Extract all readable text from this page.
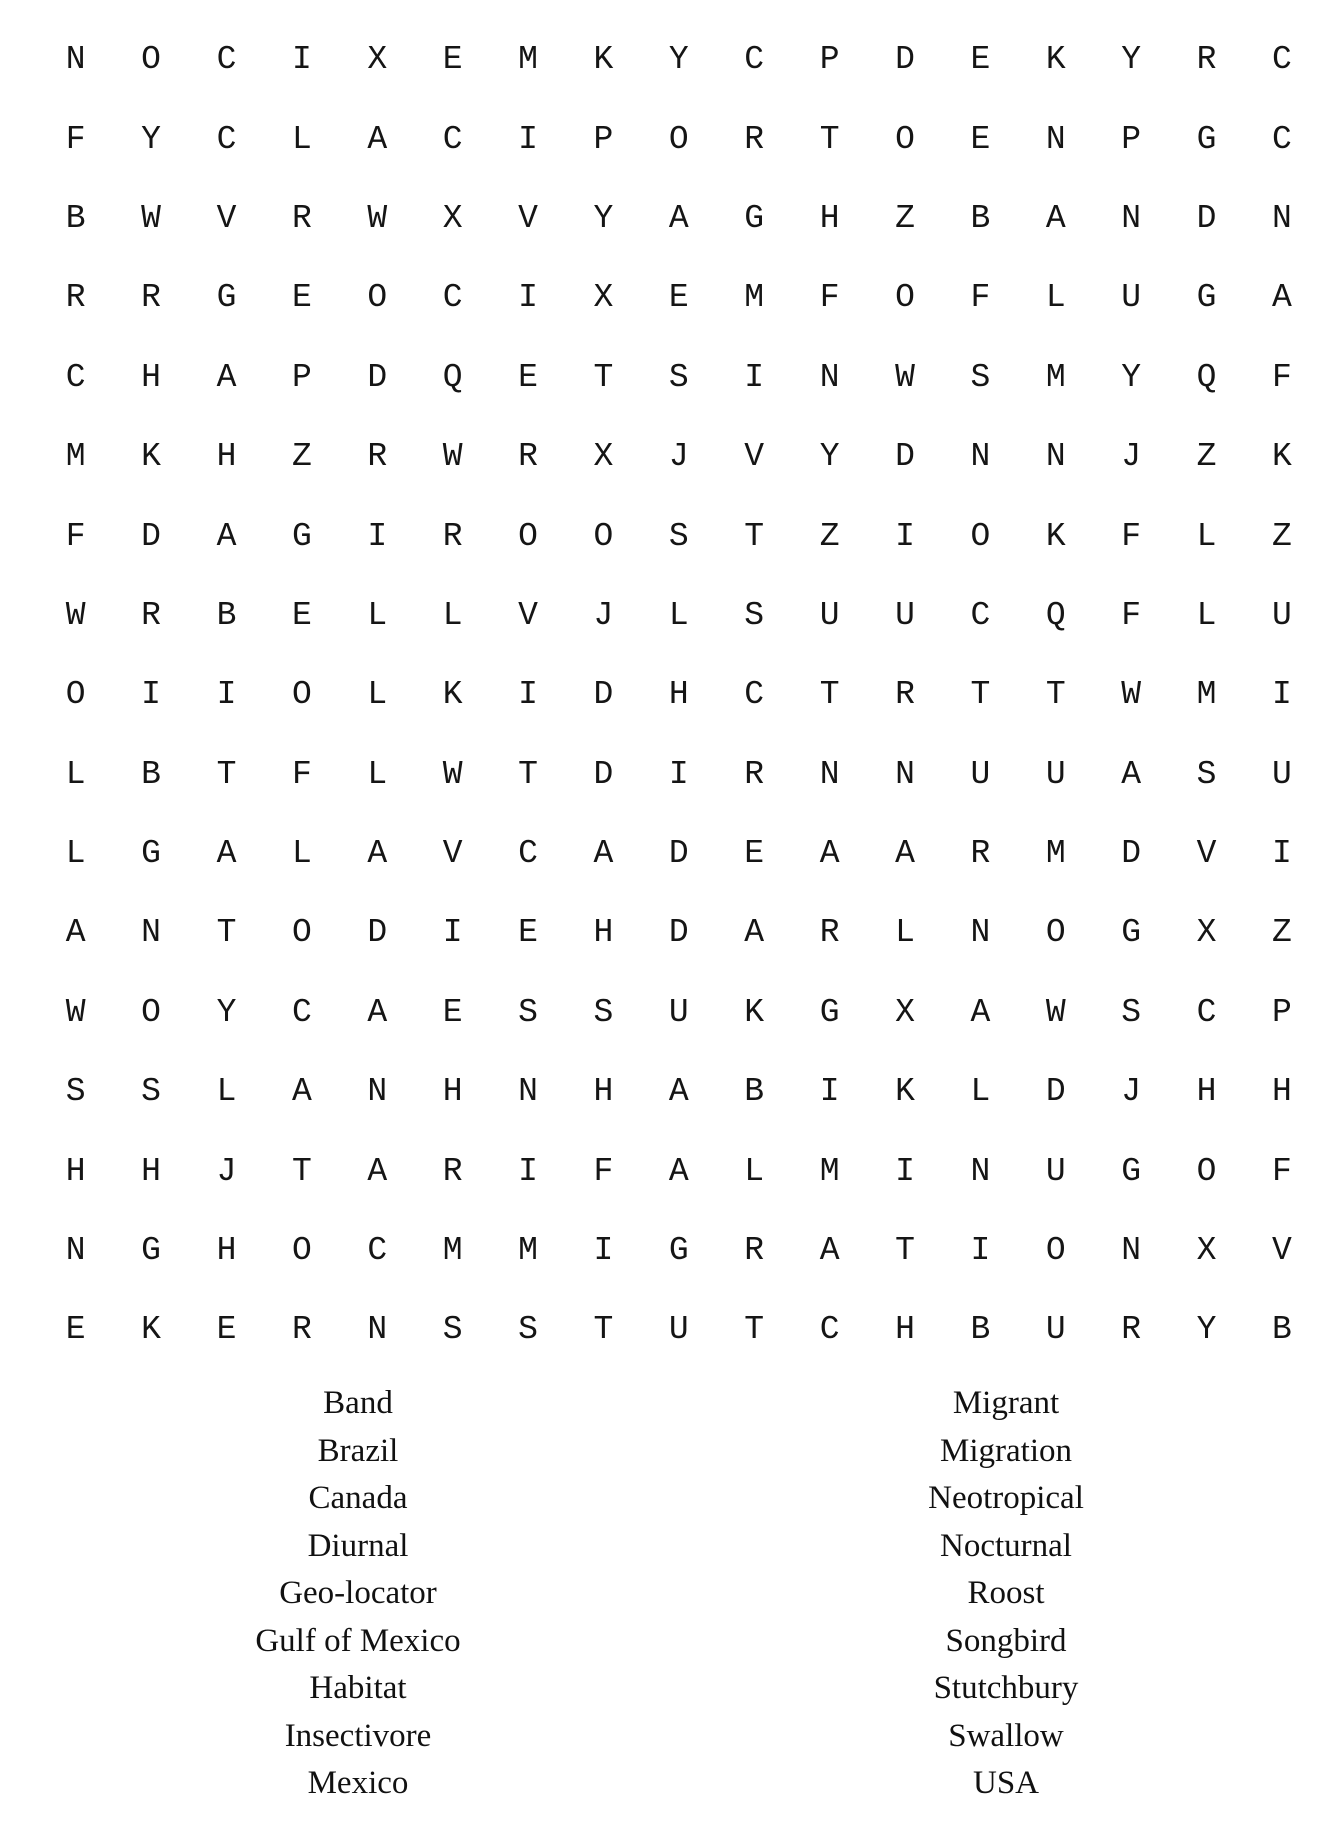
N	O	C	I	X	E	M	K	Y	C	P	D	E	K	Y	R	C
F	Y	C	L	A	C	I	P	O	R	T	O	E	N	P	G	C
B	W	V	R	W	X	V	Y	A	G	H	Z	B	A	N	D	N
R	R	G	E	O	C	I	X	E	M	F	O	F	L	U	G	A
C	H	A	P	D	Q	E	T	S	I	N	W	S	M	Y	Q	F
M	K	H	Z	R	W	R	X	J	V	Y	D	N	N	J	Z	K
F	D	A	G	I	R	O	O	S	T	Z	I	O	K	F	L	Z
W	R	B	E	L	L	V	J	L	S	U	U	C	Q	F	L	U
O	I	I	O	L	K	I	D	H	C	T	R	T	T	W	M	I
L	B	T	F	L	W	T	D	I	R	N	N	U	U	A	S	U
L	G	A	L	A	V	C	A	D	E	A	A	R	M	D	V	I
A	N	T	O	D	I	E	H	D	A	R	L	N	O	G	X	Z
W	O	Y	C	A	E	S	S	U	K	G	X	A	W	S	C	P
S	S	L	A	N	H	N	H	A	B	I	K	L	D	J	H	H
H	H	J	T	A	R	I	F	A	L	M	I	N	U	G	O	F
N	G	H	O	C	M	M	I	G	R	A	T	I	O	N	X	V
E	K	E	R	N	S	S	T	U	T	C	H	B	U	R	Y	B
Band
Brazil
Canada
Diurnal
Geo-locator
Gulf of Mexico
Habitat
Insectivore
Mexico
Migrant
Migration
Neotropical
Nocturnal
Roost
Songbird
Stutchbury
Swallow
USA
